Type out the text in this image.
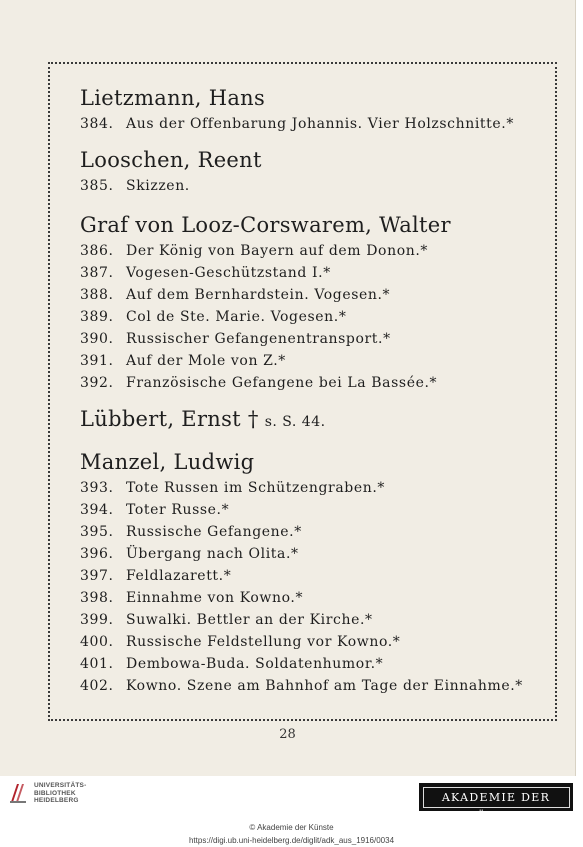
Lietzmann, Hans
384. Aus der Offenbarung Johannis. Vier Holzschnitte.*
Looschen, Reent
385. Skizzen.
Graf von Looz-Corswarem, Walter
386. Der König von Bayern auf dem Donon.*
387. Vogesen-Geschützstand I.*
388. Auf dem Bernhardstein. Vogesen.*
389. Col de Ste. Marie. Vogesen.*
390. Russischer Gefangenentransport.*
391. Auf der Mole von Z.*
392. Französische Gefangene bei La Bassée.*
Lübbert, Ernst † s. S. 44.
Manzel, Ludwig
393. Tote Russen im Schützengraben.*
394. Toter Russe.*
395. Russische Gefangene.*
396. Übergang nach Olita.*
397. Feldlazarett.*
398. Einnahme von Kowno.*
399. Suwalki. Bettler an der Kirche.*
400. Russische Feldstellung vor Kowno.*
401. Dembowa-Buda. Soldatenhumor.*
402. Kowno. Szene am Bahnhof am Tage der Einnahme.*
28
UNIVERSITÄTS-
BIBLIOTHEK
HEIDELBERG	AKADEMIE DER KÜNSTE
© Akademie der Künste
https://digi.ub.uni-heidelberg.de/diglit/adk_aus_1916/0034
